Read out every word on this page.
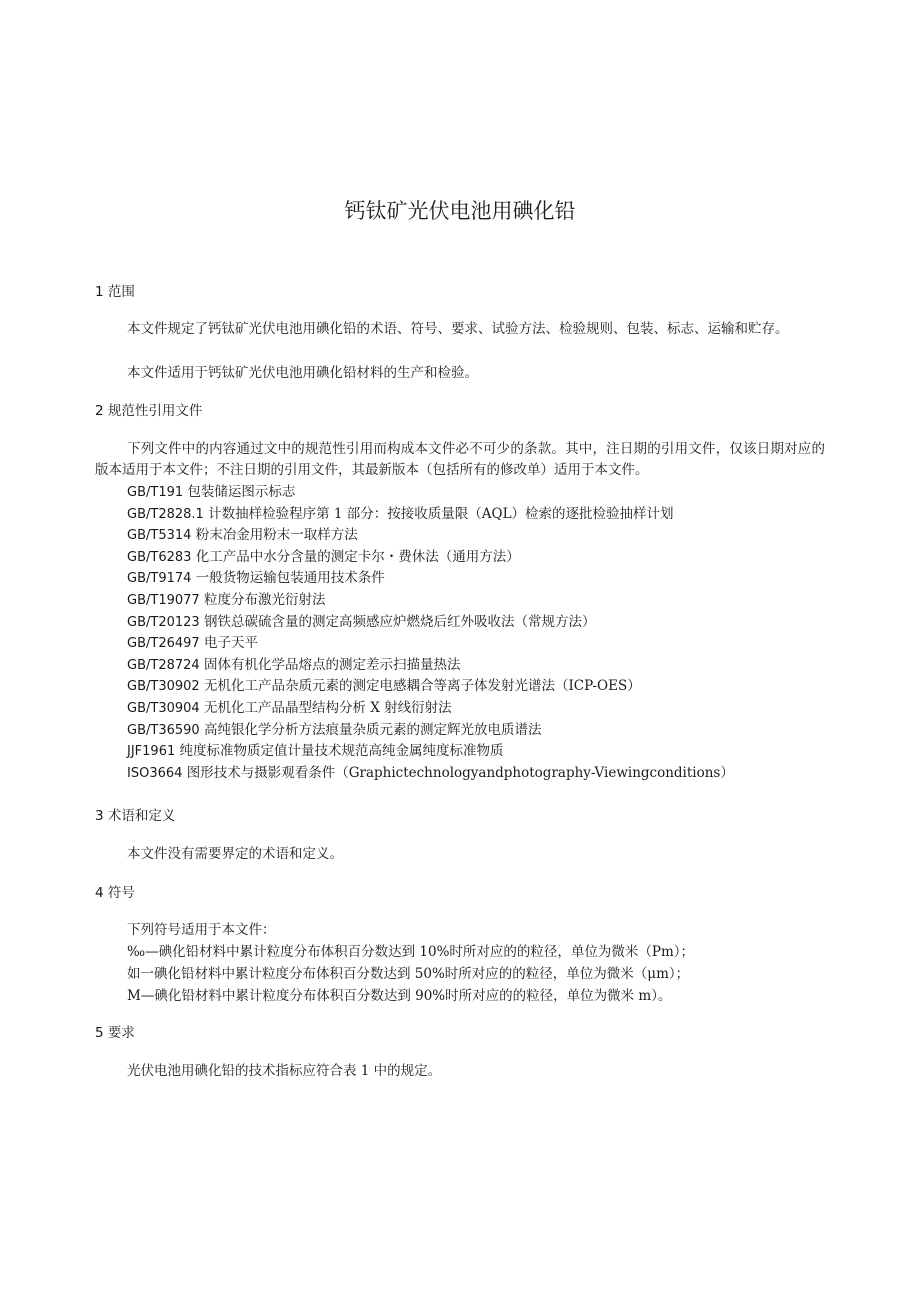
钙钛矿光伏电池用碘化铅
1 范围

本文件规定了钙钛矿光伏电池用碘化铅的术语、符号、要求、试验方法、检验规则、包装、标志、运输和贮存。

本文件适用于钙钛矿光伏电池用碘化铅材料的生产和检验。

2 规范性引用文件

下列文件中的内容通过文中的规范性引用而构成本文件必不可少的条款。其中，注日期的引用文件，仅该日期对应的版本适用于本文件；不注日期的引用文件，其最新版本（包括所有的修改单）适用于本文件。

GB/T191 包装储运图示标志
GB/T2828.1 计数抽样检验程序第 1 部分：按接收质量限（AQL）检索的逐批检验抽样计划
GB/T5314 粉末冶金用粉末一取样方法
GB/T6283 化工产品中水分含量的测定卡尔・费休法（通用方法）
GB/T9174 一般货物运输包装通用技术条件
GB/T19077 粒度分布激光衍射法
GB/T20123 钢铁总碳硫含量的测定高频感应炉燃烧后红外吸收法（常规方法）
GB/T26497 电子天平
GB/T28724 固体有机化学品熔点的测定差示扫描量热法
GB/T30902 无机化工产品杂质元素的测定电感耦合等离子体发射光谱法（ICP-OES）
GB/T30904 无机化工产品晶型结构分析 X 射线衍射法
GB/T36590 高纯银化学分析方法痕量杂质元素的测定辉光放电质谱法
JJF1961 纯度标准物质定值计量技术规范高纯金属纯度标准物质
ISO3664 图形技术与摄影观看条件（Graphictechnologyandphotography-Viewingconditions）
3 术语和定义

本文件没有需要界定的术语和定义。

4 符号

下列符号适用于本文件：

‰—碘化铅材料中累计粒度分布体积百分数达到 10%时所对应的的粒径，单位为微米（Pm）；

如一碘化铅材料中累计粒度分布体积百分数达到 50%时所对应的的粒径，单位为微米（μm）；

M—碘化铅材料中累计粒度分布体积百分数达到 90%时所对应的的粒径，单位为微米 m）。

5 要求

光伏电池用碘化铅的技术指标应符合表 1 中的规定。
